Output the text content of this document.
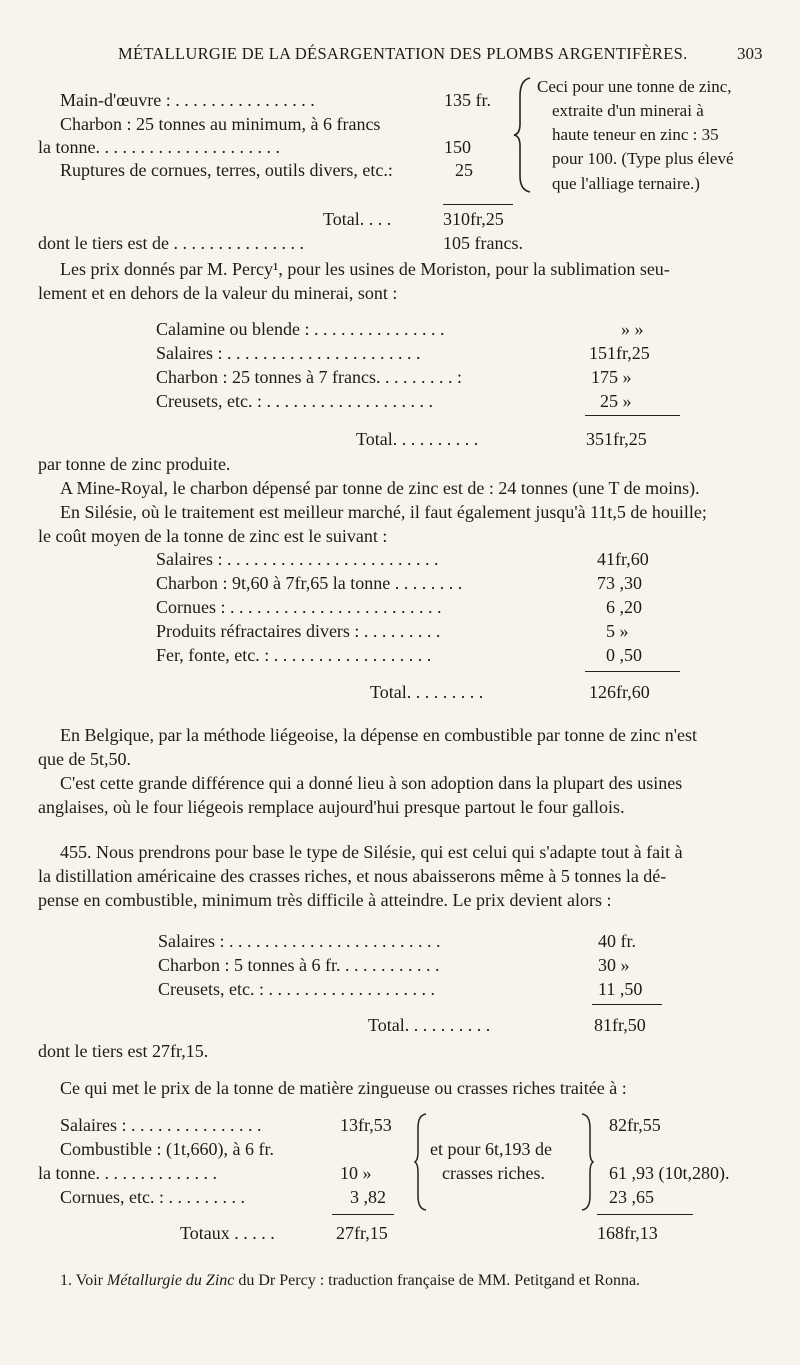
MÉTALLURGIE DE LA DÉSARGENTATION DES PLOMBS ARGENTIFÈRES.	303
Main-d'œuvre : . . . . . . . . . . . . . . . .	135 fr.
Charbon : 25 tonnes au minimum, à 6 francs
la tonne. . . . . . . . . . . . . . . . . . . . .	150
Ruptures de cornues, terres, outils divers, etc.:	25
Ceci pour une tonne de zinc,
extraite d'un minerai à
haute teneur en zinc : 35
pour 100. (Type plus élevé
que l'alliage ternaire.)
Total. . . .	310fr,25
dont le tiers est de . . . . . . . . . . . . . . .	105 francs.
Les prix donnés par M. Percy¹, pour les usines de Moriston, pour la sublimation seu-
lement et en dehors de la valeur du minerai, sont :
Calamine ou blende : . . . . . . . . . . . . . . .	» »
Salaires : . . . . . . . . . . . . . . . . . . . . . .	151fr,25
Charbon : 25 tonnes à 7 francs. . . . . . . . . :	175 »
Creusets, etc. : . . . . . . . . . . . . . . . . . . .	25 »
Total. . . . . . . . . .	351fr,25
par tonne de zinc produite.
A Mine-Royal, le charbon dépensé par tonne de zinc est de : 24 tonnes (une T de moins).
En Silésie, où le traitement est meilleur marché, il faut également jusqu'à 11t,5 de houille;
le coût moyen de la tonne de zinc est le suivant :
Salaires : . . . . . . . . . . . . . . . . . . . . . . . .	41fr,60
Charbon : 9t,60 à 7fr,65 la tonne . . . . . . . .	73 ,30
Cornues : . . . . . . . . . . . . . . . . . . . . . . . .	6 ,20
Produits réfractaires divers : . . . . . . . . .	5 »
Fer, fonte, etc. : . . . . . . . . . . . . . . . . . .	0 ,50
Total. . . . . . . . .	126fr,60
En Belgique, par la méthode liégeoise, la dépense en combustible par tonne de zinc n'est
que de 5t,50.
C'est cette grande différence qui a donné lieu à son adoption dans la plupart des usines
anglaises, où le four liégeois remplace aujourd'hui presque partout le four gallois.
455. Nous prendrons pour base le type de Silésie, qui est celui qui s'adapte tout à fait à
la distillation américaine des crasses riches, et nous abaisserons même à 5 tonnes la dé-
pense en combustible, minimum très difficile à atteindre. Le prix devient alors :
Salaires : . . . . . . . . . . . . . . . . . . . . . . . .	40 fr.
Charbon : 5 tonnes à 6 fr. . . . . . . . . . . .	30 »
Creusets, etc. : . . . . . . . . . . . . . . . . . . .	11 ,50
Total. . . . . . . . . .	81fr,50
dont le tiers est 27fr,15.
Ce qui met le prix de la tonne de matière zingueuse ou crasses riches traitée à :
Salaires : . . . . . . . . . . . . . . .	13fr,53	82fr,55
Combustible : (1t,660), à 6 fr.
la tonne. . . . . . . . . . . . . .	10 »	61 ,93 (10t,280).
Cornues, etc. : . . . . . . . . .	3 ,82	23 ,65
et pour 6t,193 de
crasses riches.
Totaux . . . . .	27fr,15	168fr,13
1. Voir Métallurgie du Zinc du Dr Percy : traduction française de MM. Petitgand et Ronna.
